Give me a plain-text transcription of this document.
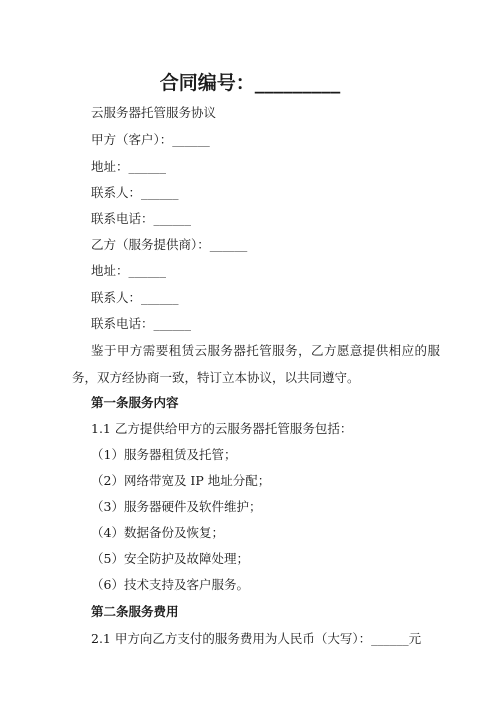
合同编号：_________
云服务器托管服务协议
甲方（客户）：______
地址：______
联系人：______
联系电话：______
乙方（服务提供商）：______
地址：______
联系人：______
联系电话：______
鉴于甲方需要租赁云服务器托管服务，乙方愿意提供相应的服务，双方经协商一致，特订立本协议，以共同遵守。
第一条服务内容
1.1 乙方提供给甲方的云服务器托管服务包括：
（1）服务器租赁及托管；
（2）网络带宽及 IP 地址分配；
（3）服务器硬件及软件维护；
（4）数据备份及恢复；
（5）安全防护及故障处理；
（6）技术支持及客户服务。
第二条服务费用
2.1 甲方向乙方支付的服务费用为人民币（大写）：______元
